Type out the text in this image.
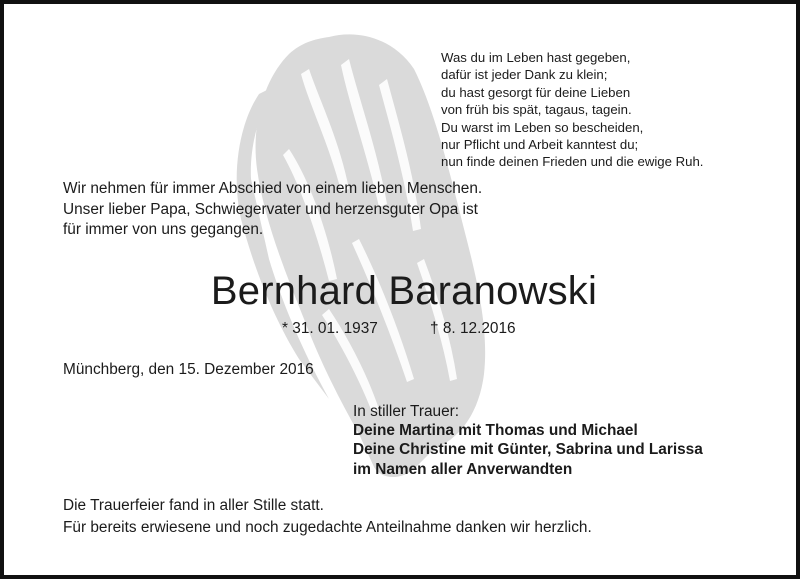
Was du im Leben hast gegeben,
dafür ist jeder Dank zu klein;
du hast gesorgt für deine Lieben
von früh bis spät, tagaus, tagein.
Du warst im Leben so bescheiden,
nur Pflicht und Arbeit kanntest du;
nun finde deinen Frieden und die ewige Ruh.
Wir nehmen für immer Abschied von einem lieben Menschen.
Unser lieber Papa, Schwiegervater und herzensguter Opa ist
für immer von uns gegangen.
Bernhard Baranowski
* 31. 01. 1937	† 8. 12.2016
Münchberg, den 15. Dezember 2016
In stiller Trauer:
Deine Martina mit Thomas und Michael
Deine Christine mit Günter, Sabrina und Larissa
im Namen aller Anverwandten
Die Trauerfeier fand in aller Stille statt.
Für bereits erwiesene und noch zugedachte Anteilnahme danken wir herzlich.
